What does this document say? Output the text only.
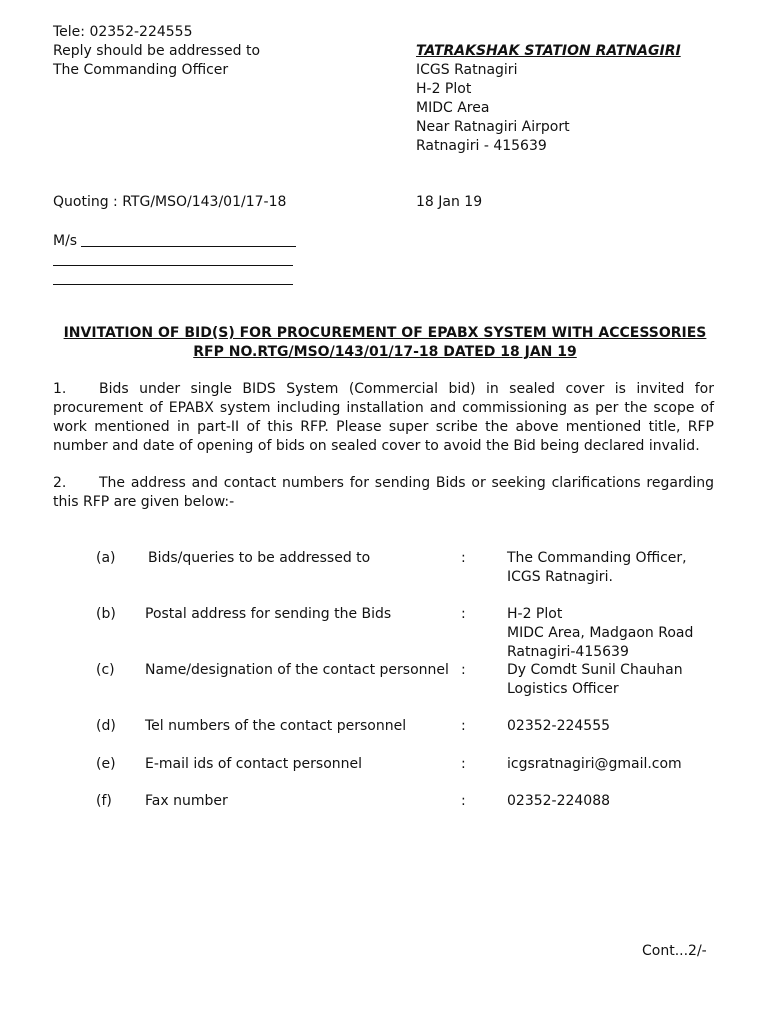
Tele: 02352-224555
Reply should be addressed to
The Commanding Officer
TATRAKSHAK STATION RATNAGIRI
ICGS Ratnagiri
H-2 Plot
MIDC Area
Near Ratnagiri Airport
Ratnagiri - 415639
Quoting : RTG/MSO/143/01/17-18	18 Jan 19
M/s
INVITATION OF BID(S) FOR PROCUREMENT OF EPABX SYSTEM WITH ACCESSORIES
RFP NO.RTG/MSO/143/01/17-18 DATED 18 JAN 19
1. Bids under single BIDS System (Commercial bid) in sealed cover is invited for procurement of EPABX system including installation and commissioning as per the scope of work mentioned in part-II of this RFP. Please super scribe the above mentioned title, RFP number and date of opening of bids on sealed cover to avoid the Bid being declared invalid.
2. The address and contact numbers for sending Bids or seeking clarifications regarding this RFP are given below:-
(a) Bids/queries to be addressed to	:	The Commanding Officer,
ICGS Ratnagiri.
(b) Postal address for sending the Bids	:	H-2 Plot
MIDC Area, Madgaon Road
Ratnagiri-415639
(c) Name/designation of the contact personnel :	Dy Comdt Sunil Chauhan
Logistics Officer
(d) Tel numbers of the contact personnel	:	02352-224555
(e) E-mail ids of contact personnel	:	icgsratnagiri@gmail.com
(f) Fax number	:	02352-224088
Cont...2/-
